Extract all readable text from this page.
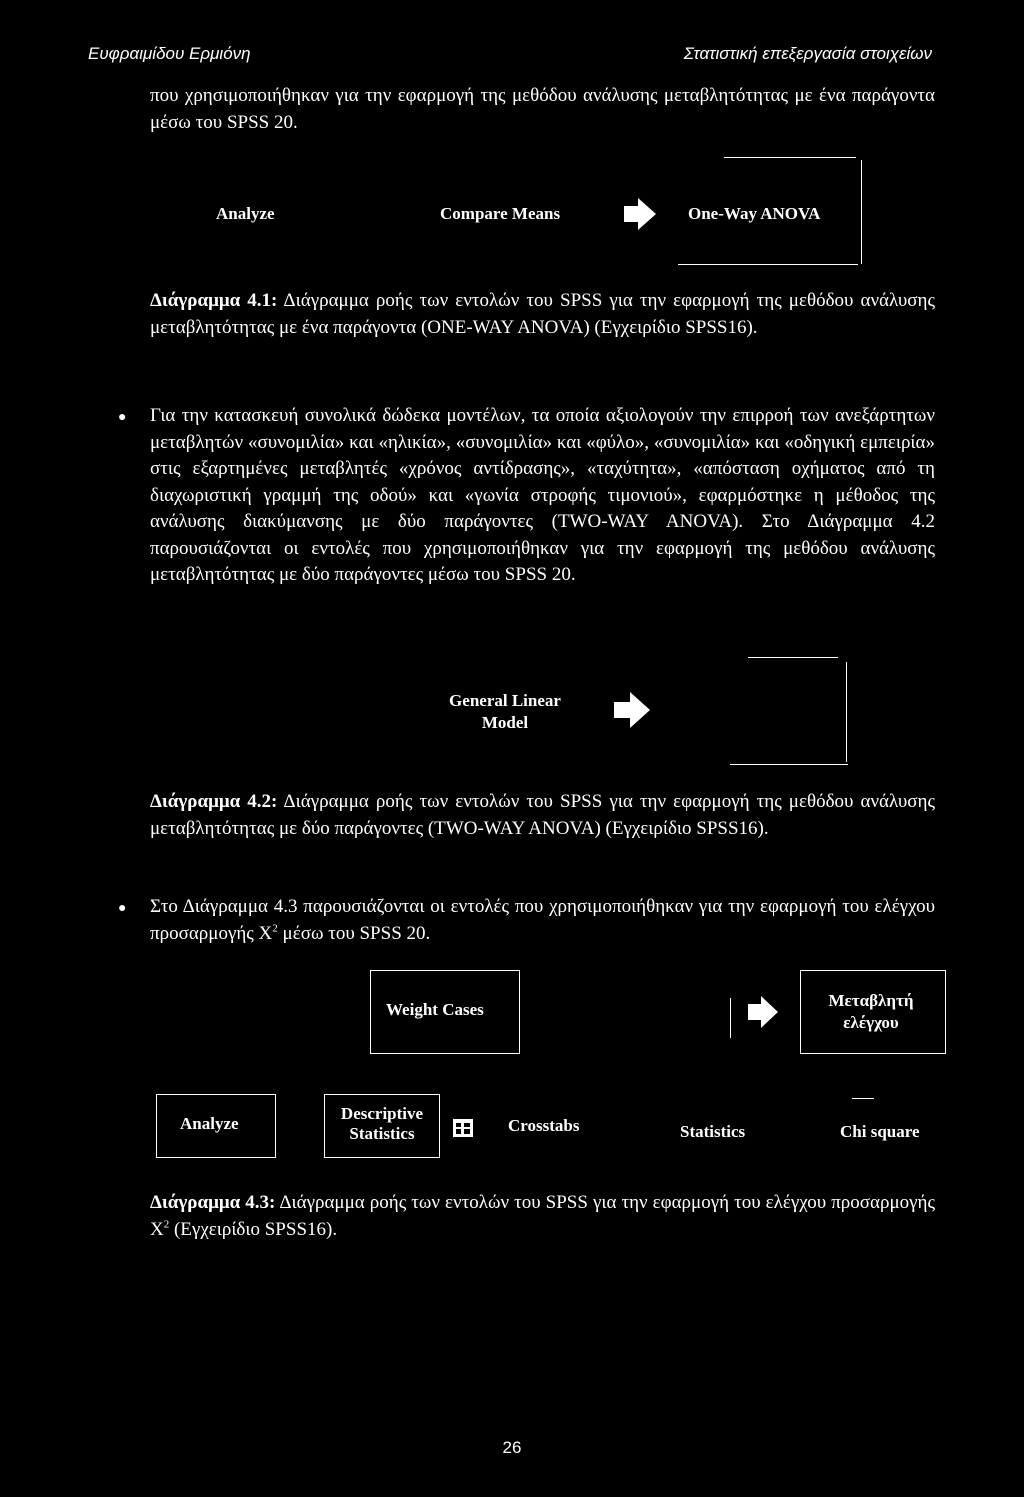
Ευφραιμίδου Ερμιόνη	Στατιστική επεξεργασία στοιχείων
που χρησιμοποιήθηκαν για την εφαρμογή της μεθόδου ανάλυσης μεταβλητότητας με ένα παράγοντα μέσω του SPSS 20.
Analyze	Compare Means	One-Way ANOVA
Διάγραμμα 4.1: Διάγραμμα ροής των εντολών του SPSS για την εφαρμογή της μεθόδου ανάλυσης μεταβλητότητας με ένα παράγοντα (ONE-WAY ANOVA) (Εγχειρίδιο SPSS16).
● Για την κατασκευή συνολικά δώδεκα μοντέλων, τα οποία αξιολογούν την επιρροή των ανεξάρτητων μεταβλητών «συνομιλία» και «ηλικία», «συνομιλία» και «φύλο», «συνομιλία» και «οδηγική εμπειρία» στις εξαρτημένες μεταβλητές «χρόνος αντίδρασης», «ταχύτητα», «απόσταση οχήματος από τη διαχωριστική γραμμή της οδού» και «γωνία στροφής τιμονιού», εφαρμόστηκε η μέθοδος της ανάλυσης διακύμανσης με δύο παράγοντες (TWO-WAY ANOVA). Στο Διάγραμμα 4.2 παρουσιάζονται οι εντολές που χρησιμοποιήθηκαν για την εφαρμογή της μεθόδου ανάλυσης μεταβλητότητας με δύο παράγοντες μέσω του SPSS 20.
General Linear Model
Διάγραμμα 4.2: Διάγραμμα ροής των εντολών του SPSS για την εφαρμογή της μεθόδου ανάλυσης μεταβλητότητας με δύο παράγοντες (TWO-WAY ANOVA) (Εγχειρίδιο SPSS16).
● Στο Διάγραμμα 4.3 παρουσιάζονται οι εντολές που χρησιμοποιήθηκαν για την εφαρμογή του ελέγχου προσαρμογής $X^2$ μέσω του SPSS 20.
Weight Cases	Μεταβλητή ελέγχου
Analyze
Descriptive Statistics	Crosstabs	Statistics	Chi square
Διάγραμμα 4.3: Διάγραμμα ροής των εντολών του SPSS για την εφαρμογή του ελέγχου προσαρμογής $X^2$ (Εγχειρίδιο SPSS16).
26
